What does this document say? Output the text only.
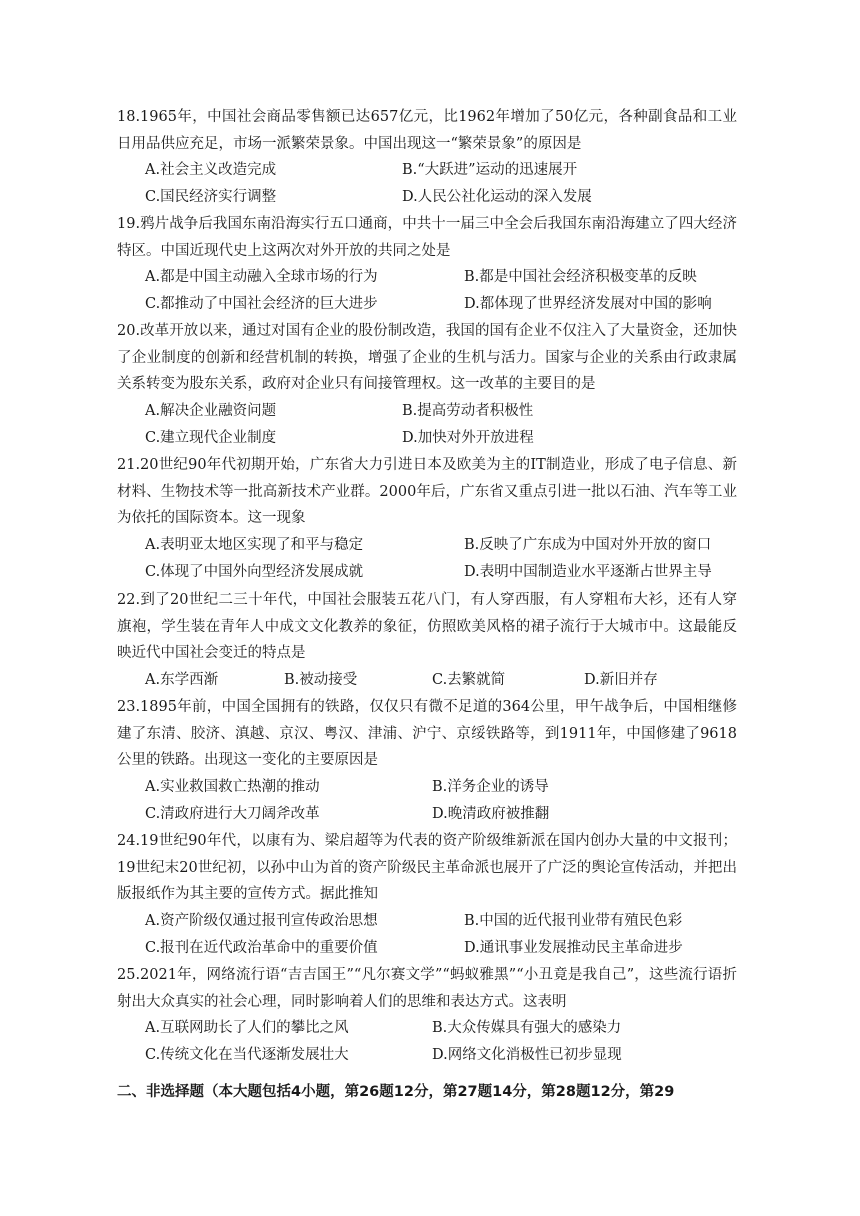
18.1965年，中国社会商品零售额已达657亿元，比1962年增加了50亿元，各种副食品和工业日用品供应充足，市场一派繁荣景象。中国出现这一“繁荣景象”的原因是

A.社会主义改造完成	B.“大跃进”运动的迅速展开
C.国民经济实行调整	D.人民公社化运动的深入发展

19.鸦片战争后我国东南沿海实行五口通商，中共十一届三中全会后我国东南沿海建立了四大经济特区。中国近现代史上这两次对外开放的共同之处是

A.都是中国主动融入全球市场的行为	B.都是中国社会经济积极变革的反映
C.都推动了中国社会经济的巨大进步	D.都体现了世界经济发展对中国的影响

20.改革开放以来，通过对国有企业的股份制改造，我国的国有企业不仅注入了大量资金，还加快了企业制度的创新和经营机制的转换，增强了企业的生机与活力。国家与企业的关系由行政隶属关系转变为股东关系，政府对企业只有间接管理权。这一改革的主要目的是

A.解决企业融资问题	B.提高劳动者积极性
C.建立现代企业制度	D.加快对外开放进程

21.20世纪90年代初期开始，广东省大力引进日本及欧美为主的IT制造业，形成了电子信息、新材料、生物技术等一批高新技术产业群。2000年后，广东省又重点引进一批以石油、汽车等工业为依托的国际资本。这一现象

A.表明亚太地区实现了和平与稳定	B.反映了广东成为中国对外开放的窗口
C.体现了中国外向型经济发展成就	D.表明中国制造业水平逐渐占世界主导

22.到了20世纪二三十年代，中国社会服装五花八门，有人穿西服，有人穿粗布大衫，还有人穿旗袍，学生装在青年人中成文文化教养的象征，仿照欧美风格的裙子流行于大城市中。这最能反映近代中国社会变迁的特点是

A.东学西渐	B.被动接受	C.去繁就简	D.新旧并存

23.1895年前，中国全国拥有的铁路，仅仅只有微不足道的364公里，甲午战争后，中国相继修建了东清、胶济、滇越、京汉、粤汉、津浦、沪宁、京绥铁路等，到1911年，中国修建了9618公里的铁路。出现这一变化的主要原因是

A.实业救国救亡热潮的推动	B.洋务企业的诱导
C.清政府进行大刀阔斧改革	D.晚清政府被推翻

24.19世纪90年代，以康有为、梁启超等为代表的资产阶级维新派在国内创办大量的中文报刊；19世纪末20世纪初，以孙中山为首的资产阶级民主革命派也展开了广泛的舆论宣传活动，并把出版报纸作为其主要的宣传方式。据此推知

A.资产阶级仅通过报刊宣传政治思想	B.中国的近代报刊业带有殖民色彩
C.报刊在近代政治革命中的重要价值	D.通讯事业发展推动民主革命进步

25.2021年，网络流行语“吉吉国王”“凡尔赛文学”“蚂蚁雅黑”“小丑竟是我自己”，这些流行语折射出大众真实的社会心理，同时影响着人们的思维和表达方式。这表明

A.互联网助长了人们的攀比之风	B.大众传媒具有强大的感染力
C.传统文化在当代逐渐发展壮大	D.网络文化消极性已初步显现
二、非选择题（本大题包括4小题，第26题12分，第27题14分，第28题12分，第29
